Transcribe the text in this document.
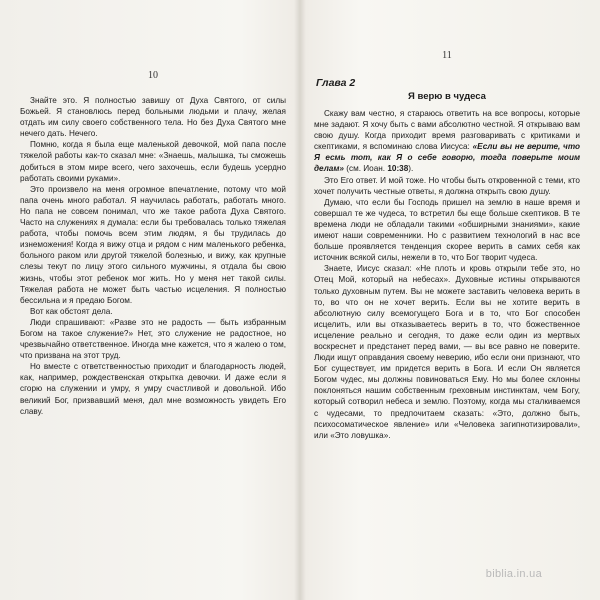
10

Знайте это. Я полностью завишу от Духа Святого, от силы Божьей. Я становлюсь перед больными людьми и плачу, желая отдать им силу своего собственного тела. Но без Духа Святого мне нечего дать. Нечего.

Помню, когда я была еще маленькой девочкой, мой папа после тяжелой работы как-то сказал мне: «Знаешь, малышка, ты сможешь добиться в этом мире всего, чего захочешь, если будешь усердно работать своими руками».

Это произвело на меня огромное впечатление, потому что мой папа очень много работал. Я научилась работать, работать много. Но папа не совсем понимал, что же такое работа Духа Святого. Часто на служениях я думала: если бы требовалась только тяжелая работа, чтобы помочь всем этим людям, я бы трудилась до изнеможения! Когда я вижу отца и рядом с ним маленького ребенка, больного раком или другой тяжелой болезнью, и вижу, как крупные слезы текут по лицу этого сильного мужчины, я отдала бы свою жизнь, чтобы этот ребенок мог жить. Но у меня нет такой силы. Тяжелая работа не может быть частью исцеления. Я полностью бессильна и я предаю Богом.

Вот как обстоят дела.

Люди спрашивают: «Разве это не радость — быть избранным Богом на такое служение?» Нет, это служение не радостное, но чрезвычайно ответственное. Иногда мне кажется, что я жалею о том, что призвана на этот труд.

Но вместе с ответственностью приходит и благодарность людей, как, например, рождественская открытка девочки. И даже если я сгорю на служении и умру, я умру счастливой и довольной. Ибо великий Бог, призвавший меня, дал мне возможность увидеть Его славу.

11
Глава 2
Я верю в чудеса

Скажу вам честно, я стараюсь ответить на все вопросы, которые мне задают. Я хочу быть с вами абсолютно честной. Я открываю вам свою душу. Когда приходит время разговаривать с критиками и скептиками, я вспоминаю слова Иисуса: «Если вы не верите, что Я есмь тот, как Я о себе говорю, тогда поверьте моим делам» (см. Иоан. 10:38).

Это Его ответ. И мой тоже. Но чтобы быть откровенной с теми, кто хочет получить честные ответы, я должна открыть свою душу.

Думаю, что если бы Господь пришел на землю в наше время и совершал те же чудеса, то встретил бы еще больше скептиков. В те времена люди не обладали такими «обширными знаниями», какие имеют наши современники. Но с развитием технологий в нас все больше проявляется тенденция скорее верить в самих себя как источник всякой силы, нежели в то, что Бог творит чудеса.

Знаете, Иисус сказал: «Не плоть и кровь открыли тебе это, но Отец Мой, который на небесах». Духовные истины открываются только духовным путем. Вы не можете заставить человека верить в то, во что он не хочет верить. Если вы не хотите верить в абсолютную силу всемогущего Бога и в то, что Бог способен исцелить, или вы отказываетесь верить в то, что божественное исцеление реально и сегодня, то даже если один из мертвых воскреснет и предстанет перед вами, — вы все равно не поверите. Люди ищут оправдания своему неверию, ибо если они признают, что Бог существует, им придется верить в Бога. И если Он является Богом чудес, мы должны повиноваться Ему. Но мы более склонны поклоняться нашим собственным греховным инстинктам, чем Богу, который сотворил небеса и землю. Поэтому, когда мы сталкиваемся с чудесами, то предпочитаем сказать: «Это, должно быть, психосоматическое явление» или «Человека загипнотизировали», или «Это ловушка».

biblia.in.ua
